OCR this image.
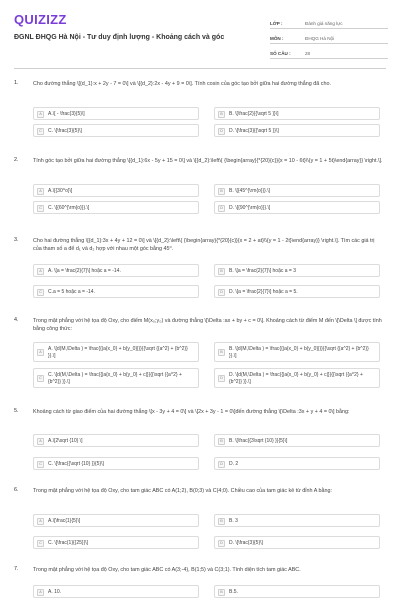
QUIZIZZ
ĐGNL ĐHQG Hà Nội - Tư duy định lượng - Khoảng cách và góc
LỚP :	Đánh giá năng lực
MÔN :	ĐHQG Hà Nội
SỐ CÂU :	28
1.	Cho đường thẳng \[{d_1}:x + 2y - 7 = 0\] và \[{d_2}:2x - 4y + 9 = 0\]. Tính cosin của góc tạo bởi giữa hai đường thẳng đã cho.
A	A.\[ - \frac{3}{5}\]	B	B. \[\frac{2}{{\sqrt 5 }}\]
C	C. \[\frac{3}{5}\]	D	D. \[\frac{3}{{\sqrt 5 }}\]
2.	Tính góc tạo bởi giữa hai đường thẳng \[{d_1}:6x - 5y + 15 = 0\] và \[{d_2}:\left\{ {\begin{array}{*{20}{c}}{x = 10 - 6t}\\{y = 1 + 5t}\end{array}} \right.\].
A	A.\[{30^o}\]	B	B. \[{45^{\rm{o}}}.\]
C	C. \[{60^{\rm{o}}}.\]	D	D. \[{90^{\rm{o}}}.\]
3.	Cho hai đường thẳng \[{d_1}:3x + 4y + 12 = 0\] và \[{d_2}:\left\{ {\begin{array}{*{20}{c}}{x = 2 + at}\\{y = 1 - 2t}\end{array}} \right.\]. Tìm các giá trị của tham số a để d₁ và d₂ hợp với nhau một góc bằng 45⁰.
A	A. \[a = \frac{2}{7}\] hoặc a = -14.	B	B. \[a = \frac{2}{7}\] hoặc a = 3
C	C.a = 5 hoặc a = -14.	D	D. \[a = \frac{2}{7}\] hoặc a = 5.
4.	Trong mặt phẳng với hệ tọa độ Oxy, cho điểm M(x₀;y₀) và đường thẳng \[\Delta :ax + by + c = 0\]. Khoảng cách từ điểm M đến \[\Delta \] được tính bằng công thức:
A	A. \[d(M,\Delta ) = \frac{{|a{x_0} + b{y_0}|}}{{\sqrt {{a^2} + {b^2}} }}.\]
B	B. \[d(M,\Delta ) = \frac{{|a{x_0} + b{y_0}|}}{{\sqrt {{a^2} + {b^2}} }}.\]
C	C. \[d(M,\Delta ) = \frac{{|a{x_0} + b{y_0} + c|}}{{\sqrt {{a^2} + {b^2}} }}.\]
D	D. \[d(M,\Delta ) = \frac{{|a{x_0} + b{y_0} + c|}}{{\sqrt {{a^2} + {b^2}} }}.\]
5.	Khoảng cách từ giao điểm của hai đường thẳng \[x - 3y + 4 = 0\] và \[2x + 3y - 1 = 0\]đến đường thẳng \[\Delta :3x + y + 4 = 0\] bằng:
A	A.\[2\sqrt {10} \]	B	B. \[\frac{{3\sqrt {10} }}{5}\]
C	C. \[\frac{{\sqrt {10} }}{5}\]	D	D. 2
6.	Trong mặt phẳng với hệ tọa độ Oxy, cho tam giác ABC có A(1;2), B(0;3) và C(4;0). Chiều cao của tam giác kẻ từ đỉnh A bằng:
A	A.\[\frac{1}{5}\]	B	B. 3
C	C. \[\frac{1}{{25}}\]	D	D. \[\frac{3}{5}\]
7.	Trong mặt phẳng với hệ tọa độ Oxy, cho tam giác ABC có A(3;-4), B(1;5) và C(3;1). Tính diện tích tam giác ABC.
A	A. 10.	B	B.5.
